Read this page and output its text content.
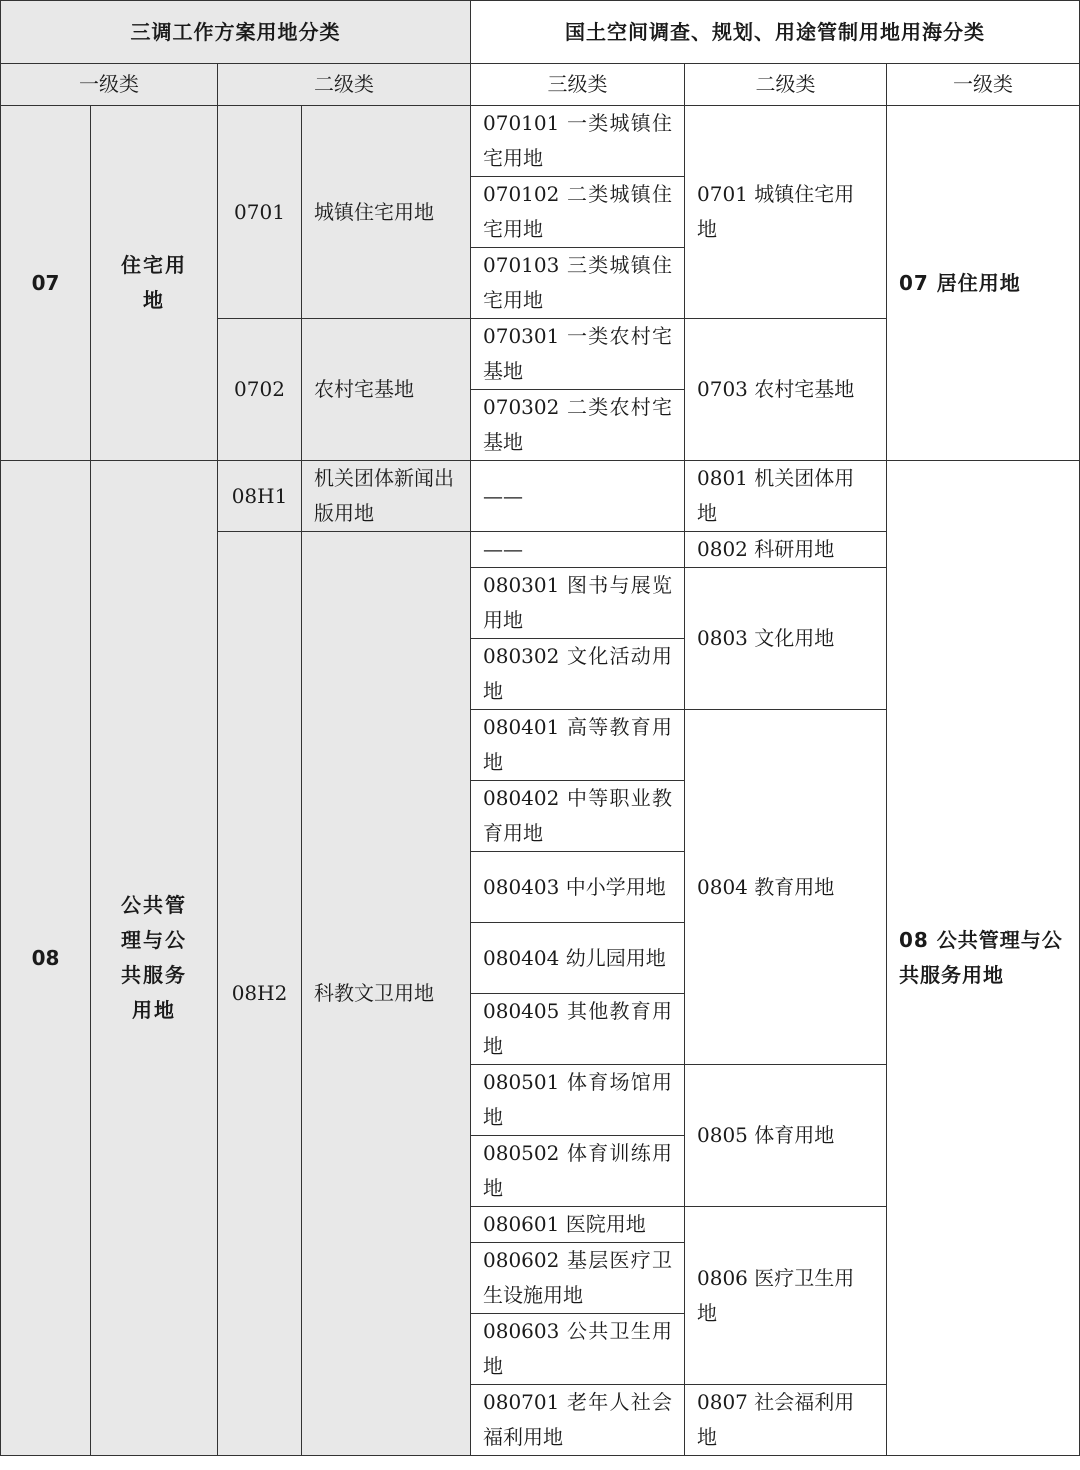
三调工作方案用地分类				国土空间调查、规划、用途管制用地用海分类		
一级类		二级类		三级类	二级类	一级类
07	住宅用地	0701	城镇住宅用地	070101 一类城镇住宅用地	0701 城镇住宅用地	07 居住用地
				070102 二类城镇住宅用地		
				070103 三类城镇住宅用地		
		0702	农村宅基地	070301 一类农村宅基地	0703 农村宅基地	
				070302 二类农村宅基地		
08	公共管理与公共服务用地	08H1	机关团体新闻出版用地	——	0801 机关团体用地	08 公共管理与公共服务用地
		08H2	科教文卫用地	——	0802 科研用地	
				080301 图书与展览用地	0803 文化用地	
				080302 文化活动用地		
				080401 高等教育用地	0804 教育用地	
				080402 中等职业教育用地		
				080403 中小学用地		
				080404 幼儿园用地		
				080405 其他教育用地		
				080501 体育场馆用地	0805 体育用地	
				080502 体育训练用地		
				080601 医院用地	0806 医疗卫生用地	
				080602 基层医疗卫生设施用地		
				080603 公共卫生用地		
				080701 老年人社会福利用地	0807 社会福利用地	
